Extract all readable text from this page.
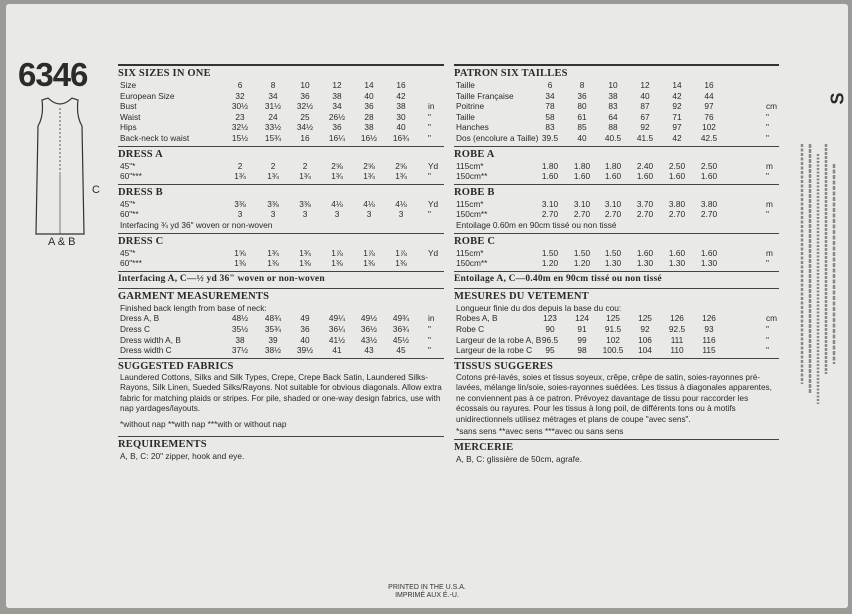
6346
C
A & B
SIX SIZES IN ONE
Size	6	8	10	12	14	16
European Size	32	34	36	38	40	42
Bust	30½	31½	32½	34	36	38	in
Waist	23	24	25	26½	28	30	"
Hips	32½	33½	34½	36	38	40	"
Back-neck to waist	15½	15¾	16	16¼	16½	16¾	"
DRESS A
45"*	2	2	2	2⅝	2⅝	2⅝	Yd
60"***	1¾	1¾	1¾	1¾	1¾	1¾	"
DRESS B
45"*	3⅜	3⅜	3⅜	4⅛	4⅛	4⅛	Yd
60"**	3	3	3	3	3	3	"
Interfacing ¾ yd 36" woven or non-woven
DRESS C
45"*	1⅝	1¾	1¾	1⅞	1⅞	1⅞	Yd
60"***	1⅜	1⅜	1⅜	1⅜	1⅜	1⅜
Interfacing A, C—½ yd 36" woven or non-woven
GARMENT MEASUREMENTS
Finished back length from base of neck:
Dress A, B	48½	48¾	49	49¼	49½	49¾	in
Dress C	35½	35¾	36	36¼	36½	36¾	"
Dress width A, B	38	39	40	41½	43½	45½	"
Dress width C	37½	38½	39½	41	43	45	"
SUGGESTED FABRICS
Laundered Cottons, Silks and Silk Types, Crepe, Crepe Back Satin, Laundered Silks-Rayons, Silk Linen, Sueded Silks/Rayons. Not suitable for obvious diagonals. Allow extra fabric for matching plaids or stripes. For pile, shaded or one-way design fabrics, use with nap yardages/layouts.
*without nap **with nap ***with or without nap
REQUIREMENTS
A, B, C: 20" zipper, hook and eye.
PATRON SIX TAILLES
Taille	6	8	10	12	14	16
Taille Française	34	36	38	40	42	44
Poitrine	78	80	83	87	92	97	cm
Taille	58	61	64	67	71	76	"
Hanches	83	85	88	92	97	102	"
Dos (encolure a Taille) 39.5	40	40.5	41.5	42	42.5	"
ROBE A
115cm*	1.80	1.80	1.80	2.40	2.50	2.50	m
150cm**	1.60	1.60	1.60	1.60	1.60	1.60	"
ROBE B
115cm*	3.10	3.10	3.10	3.70	3.80	3.80	m
150cm**	2.70	2.70	2.70	2.70	2.70	2.70	"
Entoilage 0.60m en 90cm tissé ou non tissé
ROBE C
115cm*	1.50	1.50	1.50	1.60	1.60	1.60	m
150cm**	1.20	1.20	1.30	1.30	1.30	1.30	"
Entoilage A, C—0.40m en 90cm tissé ou non tissé
MESURES DU VETEMENT
Longueur finie du dos depuis la base du cou:
Robes A, B	123	124	125	125	126	126	cm
Robe C	90	91	91.5	92	92.5	93	"
Largeur de la robe A, B 96.5	99	102	106	111	116	"
Largeur de la robe C	95	98	100.5	104	110	115	"
TISSUS SUGGERES
Cotons pré-lavés, soies et tissus soyeux, crêpe, crêpe de satin, soies-rayonnes pré-lavées, mélange lin/soie, soies-rayonnes suédées. Les tissus à diagonales apparentes, ne conviennent pas à ce patron. Prévoyez davantage de tissu pour raccorder les écossais ou rayures. Pour les tissus à long poil, de différents tons ou à motifs unidirectionnels utilisez métrages et plans de coupe "avec sens".
*sans sens **avec sens ***avec ou sans sens
MERCERIE
A, B, C: glissière de 50cm, agrafe.
S
PRINTED IN THE U.S.A.
IMPRIMÉ AUX É.-U.
